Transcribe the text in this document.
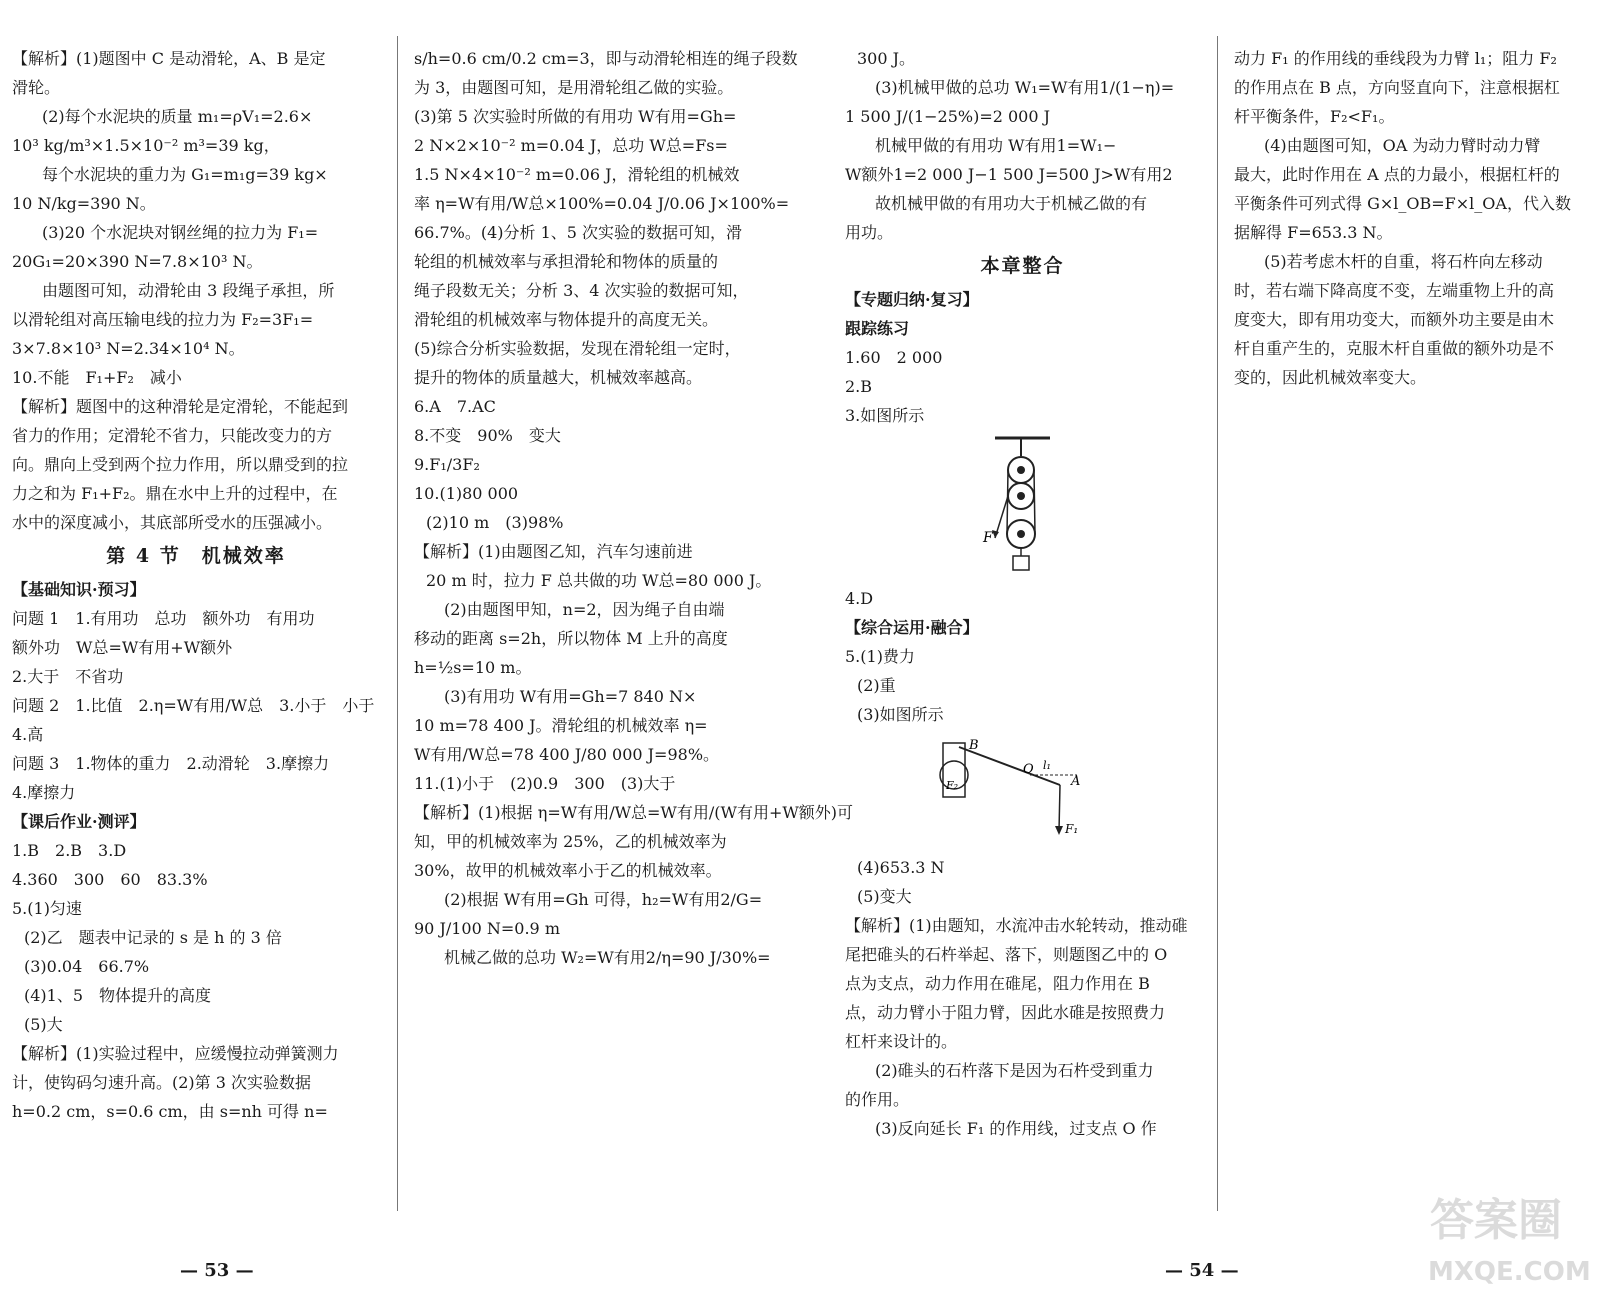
【解析】(1)题图中 C 是动滑轮，A、B 是定
滑轮。
(2)每个水泥块的质量 m₁=ρV₁=2.6×
10³ kg/m³×1.5×10⁻² m³=39 kg，
每个水泥块的重力为 G₁=m₁g=39 kg×
10 N/kg=390 N。
(3)20 个水泥块对钢丝绳的拉力为 F₁=
20G₁=20×390 N=7.8×10³ N。
由题图可知，动滑轮由 3 段绳子承担，所
以滑轮组对高压输电线的拉力为 F₂=3F₁=
3×7.8×10³ N=2.34×10⁴ N。
10.不能　F₁+F₂　减小
【解析】题图中的这种滑轮是定滑轮，不能起到
省力的作用；定滑轮不省力，只能改变力的方
向。鼎向上受到两个拉力作用，所以鼎受到的拉
力之和为 F₁+F₂。鼎在水中上升的过程中，在
水中的深度减小，其底部所受水的压强减小。
第 4 节　机械效率
【基础知识·预习】
问题 1　1.有用功　总功　额外功　有用功
额外功　W总=W有用+W额外
2.大于　不省功
问题 2　1.比值　2.η=W有用/W总　3.小于　小于
4.高
问题 3　1.物体的重力　2.动滑轮　3.摩擦力
4.摩擦力
【课后作业·测评】
1.B　2.B　3.D
4.360　300　60　83.3%
5.(1)匀速
(2)乙　题表中记录的 s 是 h 的 3 倍
(3)0.04　66.7%
(4)1、5　物体提升的高度
(5)大
【解析】(1)实验过程中，应缓慢拉动弹簧测力
计，使钩码匀速升高。(2)第 3 次实验数据
h=0.2 cm，s=0.6 cm，由 s=nh 可得 n=
s/h=0.6 cm/0.2 cm=3，即与动滑轮相连的绳子段数
为 3，由题图可知，是用滑轮组乙做的实验。
(3)第 5 次实验时所做的有用功 W有用=Gh=
2 N×2×10⁻² m=0.04 J，总功 W总=Fs=
1.5 N×4×10⁻² m=0.06 J，滑轮组的机械效
率 η=W有用/W总×100%=0.04 J/0.06 J×100%=
66.7%。(4)分析 1、5 次实验的数据可知，滑
轮组的机械效率与承担滑轮和物体的质量的
绳子段数无关；分析 3、4 次实验的数据可知，
滑轮组的机械效率与物体提升的高度无关。
(5)综合分析实验数据，发现在滑轮组一定时，
提升的物体的质量越大，机械效率越高。
6.A　7.AC
8.不变　90%　变大
9.F₁/3F₂
10.(1)80 000
(2)10 m　(3)98%
【解析】(1)由题图乙知，汽车匀速前进
20 m 时，拉力 F 总共做的功 W总=80 000 J。
(2)由题图甲知，n=2，因为绳子自由端
移动的距离 s=2h，所以物体 M 上升的高度
h=½s=10 m。
(3)有用功 W有用=Gh=7 840 N×
10 m=78 400 J。滑轮组的机械效率 η=
W有用/W总=78 400 J/80 000 J=98%。
11.(1)小于　(2)0.9　300　(3)大于
【解析】(1)根据 η=W有用/W总=W有用/(W有用+W额外)可
知，甲的机械效率为 25%，乙的机械效率为
30%，故甲的机械效率小于乙的机械效率。
(2)根据 W有用=Gh 可得，h₂=W有用2/G=
90 J/100 N=0.9 m
机械乙做的总功 W₂=W有用2/η=90 J/30%=
300 J。
(3)机械甲做的总功 W₁=W有用1/(1−η)=
1 500 J/(1−25%)=2 000 J
机械甲做的有用功 W有用1=W₁−
W额外1=2 000 J−1 500 J=500 J>W有用2
故机械甲做的有用功大于机械乙做的有
用功。
本章整合
【专题归纳·复习】
跟踪练习
1.60　2 000
2.B
3.如图所示
F
4.D
【综合运用·融合】
5.(1)费力
(2)重
(3)如图所示
B
O l₁
A
F₂
F₁
(4)653.3 N
(5)变大
【解析】(1)由题知，水流冲击水轮转动，推动碓
尾把碓头的石杵举起、落下，则题图乙中的 O
点为支点，动力作用在碓尾，阻力作用在 B
点，动力臂小于阻力臂，因此水碓是按照费力
杠杆来设计的。
(2)碓头的石杵落下是因为石杵受到重力
的作用。
(3)反向延长 F₁ 的作用线，过支点 O 作
动力 F₁ 的作用线的垂线段为力臂 l₁；阻力 F₂
的作用点在 B 点，方向竖直向下，注意根据杠
杆平衡条件，F₂<F₁。
(4)由题图可知，OA 为动力臂时动力臂
最大，此时作用在 A 点的力最小，根据杠杆的
平衡条件可列式得 G×l_OB=F×l_OA，代入数
据解得 F=653.3 N。
(5)若考虑木杆的自重，将石杵向左移动
时，若右端下降高度不变，左端重物上升的高
度变大，即有用功变大，而额外功主要是由木
杆自重产生的，克服木杆自重做的额外功是不
变的，因此机械效率变大。
— 53 —	— 54 —
答案圈
MXQE.COM
